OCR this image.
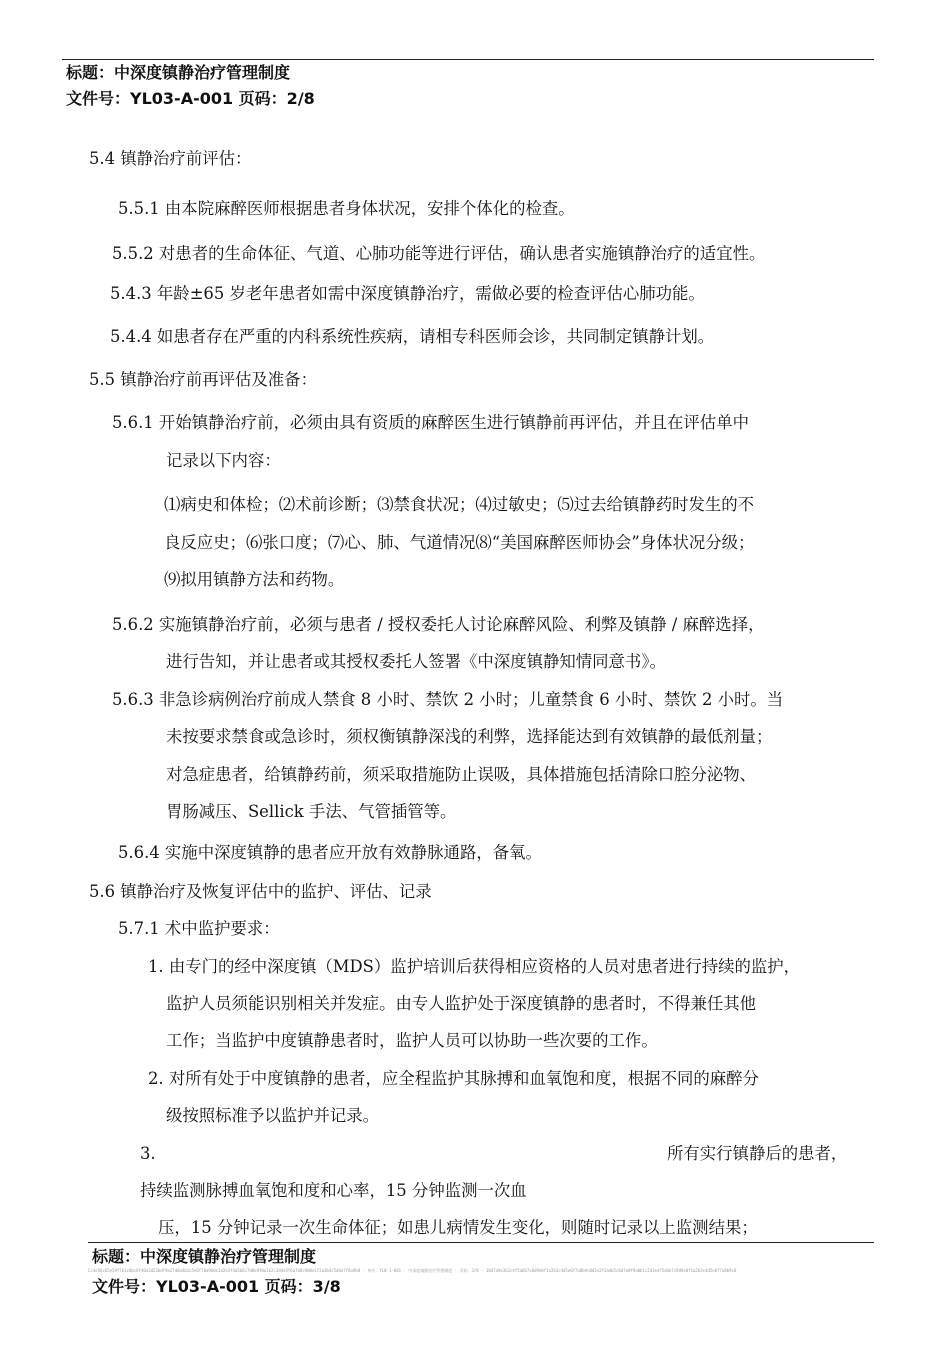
标题：中深度镇静治疗管理制度
文件号：YL03-A-001 页码：2/8
5.4 镇静治疗前评估：
5.5.1 由本院麻醉医师根据患者身体状况，安排个体化的检查。
5.5.2 对患者的生命体征、气道、心肺功能等进行评估，确认患者实施镇静治疗的适宜性。
5.4.3 年龄±65 岁老年患者如需中深度镇静治疗，需做必要的检查评估心肺功能。
5.4.4 如患者存在严重的内科系统性疾病，请相专科医师会诊，共同制定镇静计划。
5.5 镇静治疗前再评估及准备：
5.6.1 开始镇静治疗前，必须由具有资质的麻醉医生进行镇静前再评估，并且在评估单中
记录以下内容：
⑴病史和体检；⑵术前诊断；⑶禁食状况；⑷过敏史；⑸过去给镇静药时发生的不
良反应史；⑹张口度；⑺心、肺、气道情况⑻“美国麻醉医师协会”身体状况分级；
⑼拟用镇静方法和药物。
5.6.2 实施镇静治疗前，必须与患者 / 授权委托人讨论麻醉风险、利弊及镇静 / 麻醉选择，
进行告知，并让患者或其授权委托人签署《中深度镇静知情同意书》。
5.6.3 非急诊病例治疗前成人禁食 8 小时、禁饮 2 小时；儿童禁食 6 小时、禁饮 2 小时。当
未按要求禁食或急诊时，须权衡镇静深浅的利弊，选择能达到有效镇静的最低剂量；
对急症患者，给镇静药前，须采取措施防止误吸，具体措施包括清除口腔分泌物、
胃肠减压、Sellick 手法、气管插管等。
5.6.4 实施中深度镇静的患者应开放有效静脉通路，备氧。
5.6 镇静治疗及恢复评估中的监护、评估、记录
5.7.1 术中监护要求：
1. 由专门的经中深度镇（MDS）监护培训后获得相应资格的人员对患者进行持续的监护，
监护人员须能识别相关并发症。由专人监护处于深度镇静的患者时，不得兼任其他
工作；当监护中度镇静患者时，监护人员可以协助一些次要的工作。
2. 对所有处于中度镇静的患者，应全程监护其脉搏和血氧饱和度，根据不同的麻醉分
级按照标准予以监护并记录。
3.	所有实行镇静后的患者，
持续监测脉搏血氧饱和度和心率，15 分钟监测一次血
压，15 分钟记录一次生命体征；如患儿病情发生变化，则随时记录以上监测结果；
标题：中深度镇静治疗管理制度
Cc4e56c65e59f7b1c0bc6f40a3d23bdf9e27d0a4b1c5e6f78a9b0c1d2e3f4a5b6c7d8e9f0a1b2c3d4e5f6a7b8c9d0e1f2a3b4c5d6e7f8a9b0 · 单位：YL0-1-001 · 中深度镇静治疗管理制度 · 页码：3/8 · 10d7a9e3b2c4f5a6b7c8d9e0f1a2b3c4d5e6f7a8b9c0d1e2f3a4b5c6d7e8f9a0b1c2d3e4f5a6b7c8d9e0f1a2b3c4d5e6f7a8b9c0
文件号：YL03-A-001 页码：3/8
